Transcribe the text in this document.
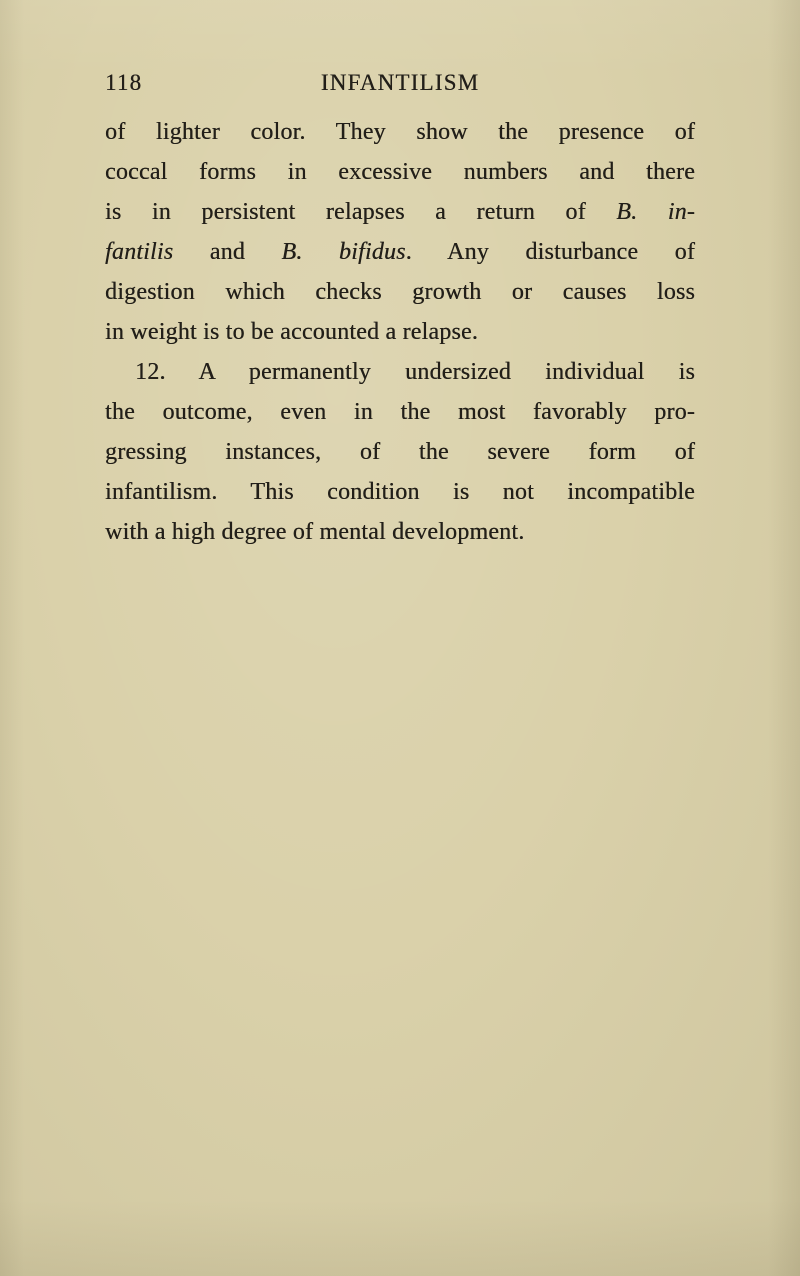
118	INFANTILISM
of lighter color. They show the presence of
coccal forms in excessive numbers and there
is in persistent relapses a return of B. in-
fantilis and B. bifidus. Any disturbance of
digestion which checks growth or causes loss
in weight is to be accounted a relapse.
12. A permanently undersized individual is
the outcome, even in the most favorably pro-
gressing instances, of the severe form of
infantilism. This condition is not incompatible
with a high degree of mental development.
